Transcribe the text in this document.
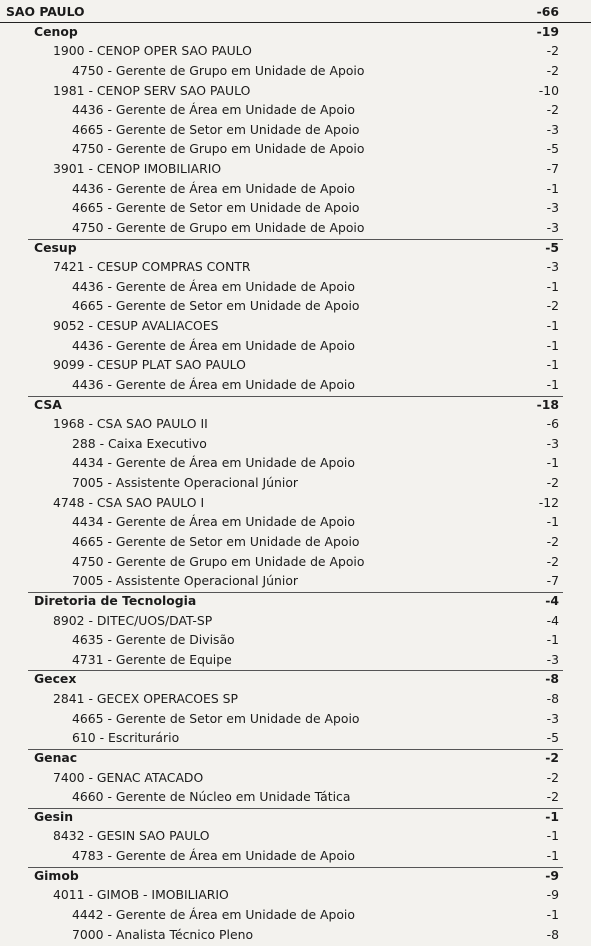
SAO PAULO	-66
Cenop	-19
1900 - CENOP OPER SAO PAULO	-2
4750 - Gerente de Grupo em Unidade de Apoio	-2
1981 - CENOP SERV SAO PAULO	-10
4436 - Gerente de Área em Unidade de Apoio	-2
4665 - Gerente de Setor em Unidade de Apoio	-3
4750 - Gerente de Grupo em Unidade de Apoio	-5
3901 - CENOP IMOBILIARIO	-7
4436 - Gerente de Área em Unidade de Apoio	-1
4665 - Gerente de Setor em Unidade de Apoio	-3
4750 - Gerente de Grupo em Unidade de Apoio	-3
Cesup	-5
7421 - CESUP COMPRAS CONTR	-3
4436 - Gerente de Área em Unidade de Apoio	-1
4665 - Gerente de Setor em Unidade de Apoio	-2
9052 - CESUP AVALIACOES	-1
4436 - Gerente de Área em Unidade de Apoio	-1
9099 - CESUP PLAT SAO PAULO	-1
4436 - Gerente de Área em Unidade de Apoio	-1
CSA	-18
1968 - CSA SAO PAULO II	-6
288 - Caixa Executivo	-3
4434 - Gerente de Área em Unidade de Apoio	-1
7005 - Assistente Operacional Júnior	-2
4748 - CSA SAO PAULO I	-12
4434 - Gerente de Área em Unidade de Apoio	-1
4665 - Gerente de Setor em Unidade de Apoio	-2
4750 - Gerente de Grupo em Unidade de Apoio	-2
7005 - Assistente Operacional Júnior	-7
Diretoria de Tecnologia	-4
8902 - DITEC/UOS/DAT-SP	-4
4635 - Gerente de Divisão	-1
4731 - Gerente de Equipe	-3
Gecex	-8
2841 - GECEX OPERACOES SP	-8
4665 - Gerente de Setor em Unidade de Apoio	-3
610 - Escriturário	-5
Genac	-2
7400 - GENAC ATACADO	-2
4660 - Gerente de Núcleo em Unidade Tática	-2
Gesin	-1
8432 - GESIN SAO PAULO	-1
4783 - Gerente de Área em Unidade de Apoio	-1
Gimob	-9
4011 - GIMOB - IMOBILIARIO	-9
4442 - Gerente de Área em Unidade de Apoio	-1
7000 - Analista Técnico Pleno	-8
